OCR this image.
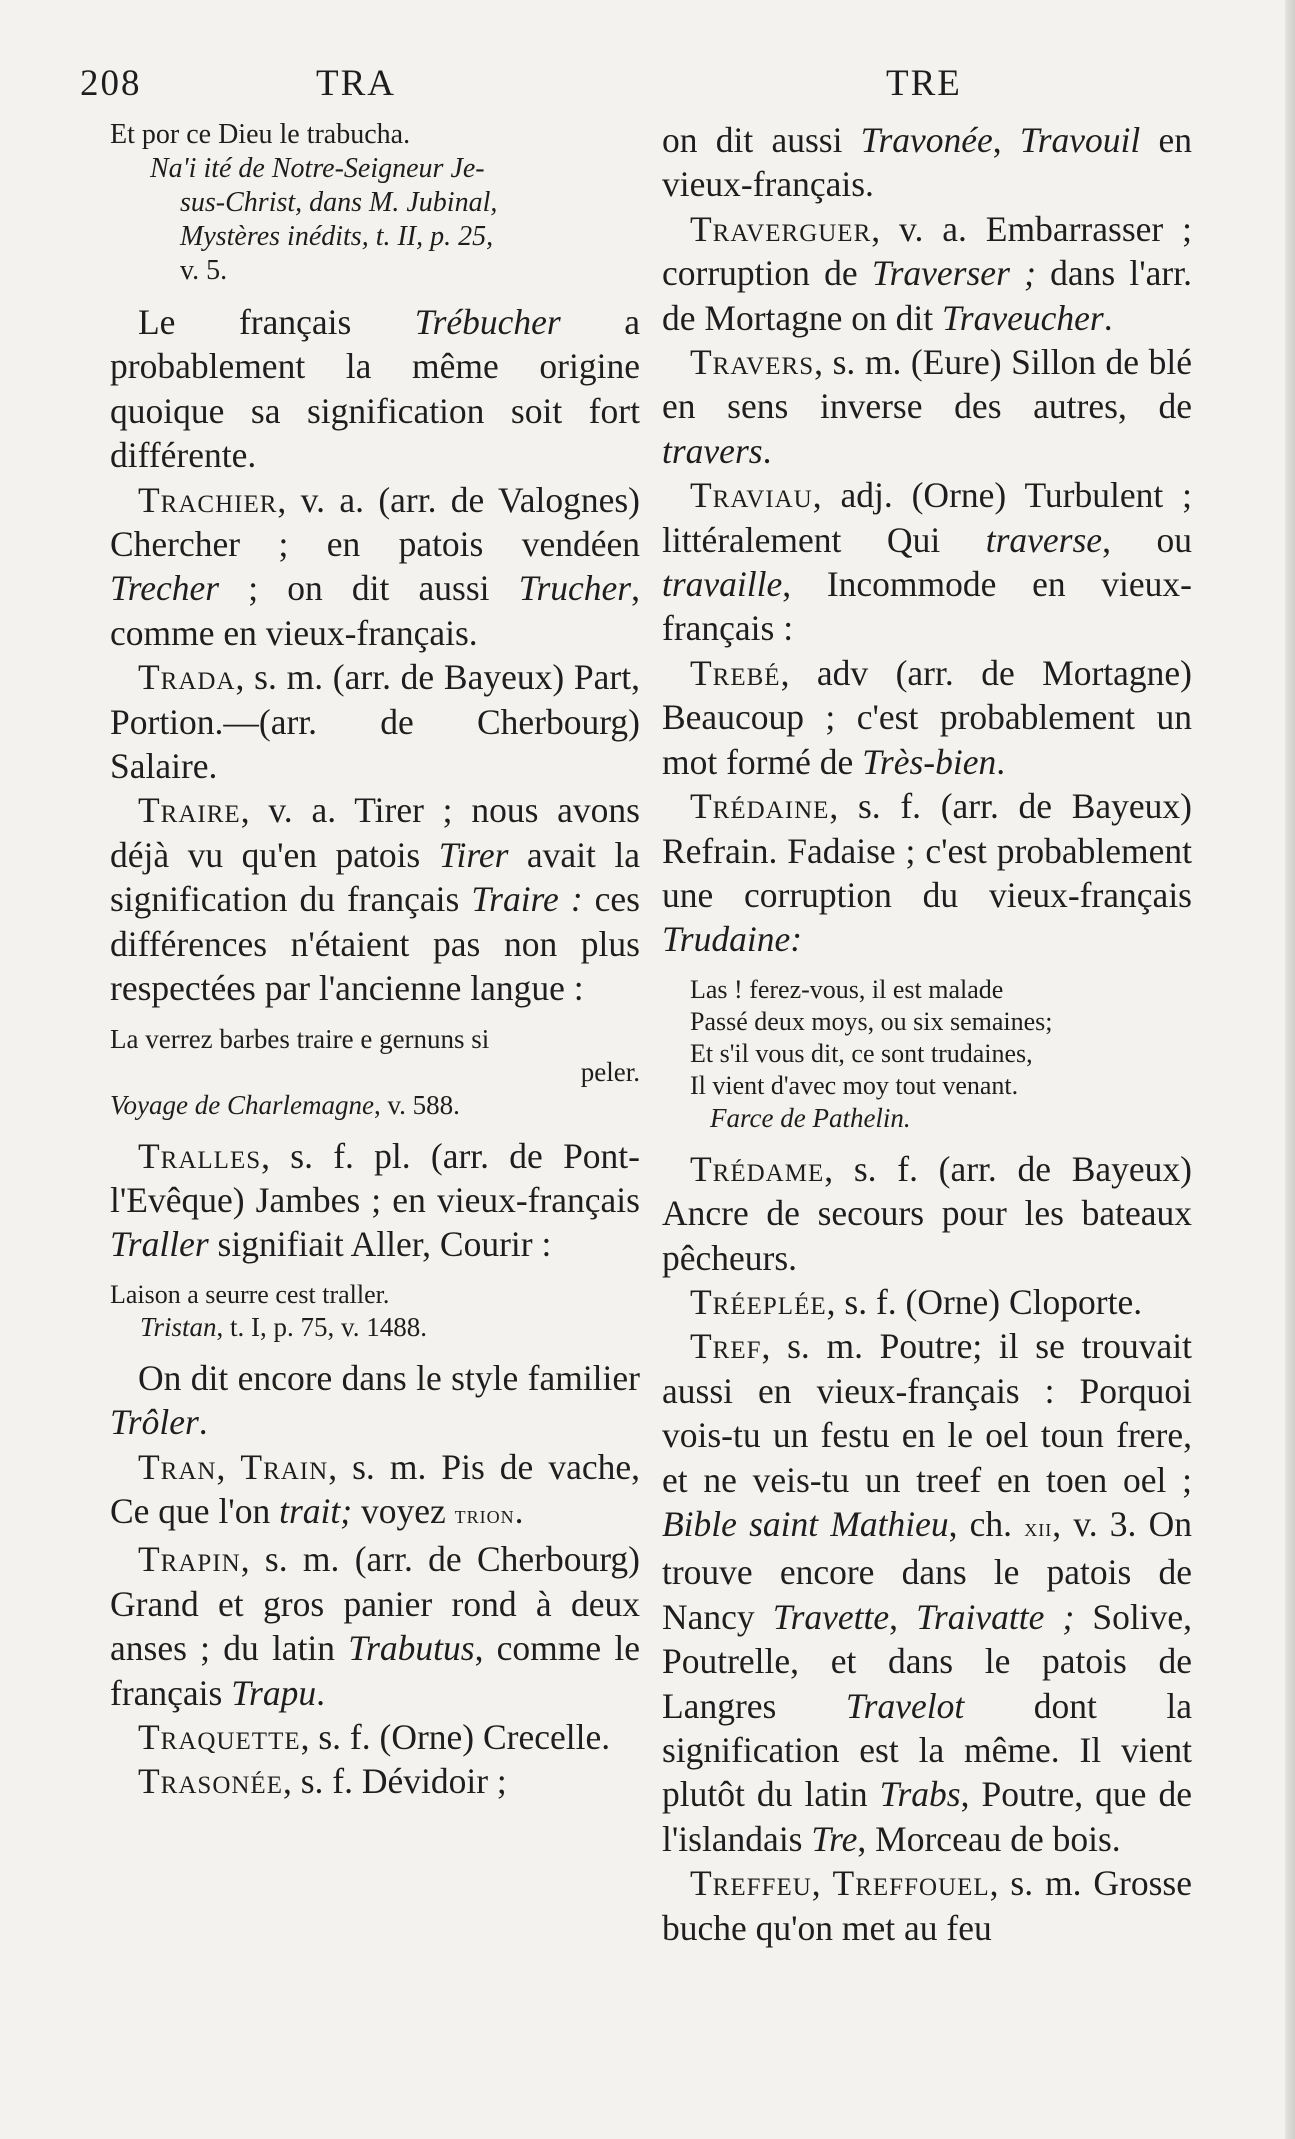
208	TRA	TRE

Et por ce Dieu le trabucha.

Na'i ité de Notre-Seigneur Je-
sus-Christ, dans M. Jubinal,
Mystères inédits, t. II, p. 25,
v. 5.

Le français Trébucher a probablement la même origine quoique sa signification soit fort différente.

Trachier, v. a. (arr. de Valognes) Chercher ; en patois vendéen Trecher ; on dit aussi Trucher, comme en vieux-français.

Trada, s. m. (arr. de Bayeux) Part, Portion.—(arr. de Cherbourg) Salaire.

Traire, v. a. Tirer ; nous avons déjà vu qu'en patois Tirer avait la signification du français Traire : ces différences n'étaient pas non plus respectées par l'ancienne langue :

La verrez barbes traire e gernuns si
peler.

Voyage de Charlemagne, v. 588.

Tralles, s. f. pl. (arr. de Pont-l'Evêque) Jambes ; en vieux-français Traller signifiait Aller, Courir :

Laison a seurre cest traller.

Tristan, t. I, p. 75, v. 1488.

On dit encore dans le style familier Trôler.

Tran, Train, s. m. Pis de vache, Ce que l'on trait; voyez trion.

Trapin, s. m. (arr. de Cherbourg) Grand et gros panier rond à deux anses ; du latin Trabutus, comme le français Trapu.

Traquette, s. f. (Orne) Crecelle.

Trasonée, s. f. Dévidoir ;

on dit aussi Travonée, Travouil en vieux-français.

Traverguer, v. a. Embarrasser ; corruption de Traverser ; dans l'arr. de Mortagne on dit Traveucher.

Travers, s. m. (Eure) Sillon de blé en sens inverse des autres, de travers.

Traviau, adj. (Orne) Turbulent ; littéralement Qui traverse, ou travaille, Incommode en vieux-français :

Trebé, adv (arr. de Mortagne) Beaucoup ; c'est probablement un mot formé de Très-bien.

Trédaine, s. f. (arr. de Bayeux) Refrain. Fadaise ; c'est probablement une corruption du vieux-français Trudaine:

Las ! ferez-vous, il est malade
Passé deux moys, ou six semaines;
Et s'il vous dit, ce sont trudaines,
Il vient d'avec moy tout venant.

Farce de Pathelin.

Trédame, s. f. (arr. de Bayeux) Ancre de secours pour les bateaux pêcheurs.

Tréeplée, s. f. (Orne) Cloporte.

Tref, s. m. Poutre; il se trouvait aussi en vieux-français : Porquoi vois-tu un festu en le oel toun frere, et ne veis-tu un treef en toen oel ; Bible saint Mathieu, ch. xii, v. 3. On trouve encore dans le patois de Nancy Travette, Traivatte ; Solive, Poutrelle, et dans le patois de Langres Travelot dont la signification est la même. Il vient plutôt du latin Trabs, Poutre, que de l'islandais Tre, Morceau de bois.

Treffeu, Treffouel, s. m. Grosse buche qu'on met au feu
